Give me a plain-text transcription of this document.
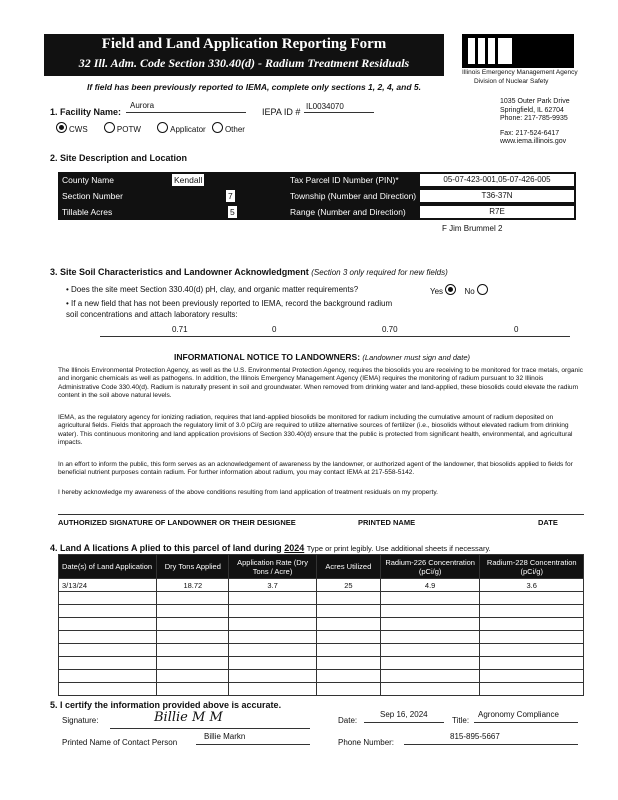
Field and Land Application Reporting Form
32 Ill. Adm. Code Section 330.40(d) - Radium Treatment Residuals
Illinois Emergency Management Agency
Division of Nuclear Safety
1035 Outer Park Drive
Springfield, IL 62704
Phone: 217-785-9935
Fax: 217-524-6417
www.iema.illinois.gov
If field has been previously reported to IEMA, complete only sections 1, 2, 4, and 5.
1. Facility Name:
Aurora
IEPA ID #
IL0034070
CWS	POTW	Applicator Other
2. Site Description and Location
County Name	Kendall	Tax Parcel ID Number (PIN)*	05-07-423-001,05-07-426-005
Section Number	7	Township (Number and Direction)	T36-37N
Tillable Acres	5	Range (Number and Direction)	R7E
F Jim Brummel 2
3. Site Soil Characteristics and Landowner Acknowledgment (Section 3 only required for new fields)
• Does the site meet Section 330.40(d) pH, clay, and organic matter requirements?	Yes	No
• If a new field that has not been previously reported to IEMA, record the background radium soil concentrations and attach laboratory results:
0.71	0	0.70	0
INFORMATIONAL NOTICE TO LANDOWNERS: (Landowner must sign and date)
The Illinois Environmental Protection Agency, as well as the U.S. Environmental Protection Agency, requires the biosolids you are receiving to be monitored for trace metals, organic and inorganic chemicals as well as pathogens. In addition, the Illinois Emergency Management Agency (IEMA) requires the monitoring of radium pursuant to 32 Illinois Administrative Code 330.40(d). Radium is naturally present in soil and groundwater. When removed from drinking water and land-applied, these biosolids could elevate the radium content in the soil above natural levels.
IEMA, as the regulatory agency for ionizing radiation, requires that land-applied biosolids be monitored for radium including the cumulative amount of radium deposited on agricultural fields. Fields that approach the regulatory limit of 3.0 pCi/g are required to utilize alternative sources of fertilizer (i.e., biosolids without elevated radium from drinking water). This continuous monitoring and land application provisions of Section 330.40(d) ensure that the public is protected from significant health, environmental, and agricultural impacts.
In an effort to inform the public, this form serves as an acknowledgement of awareness by the landowner, or authorized agent of the landowner, that biosolids applied to fields for beneficial nutrient purposes contain radium. For further information about radium, you may contact IEMA at 217-558-5142.
I hereby acknowledge my awareness of the above conditions resulting from land application of treatment residuals on my property.
AUTHORIZED SIGNATURE OF LANDOWNER OR THEIR DESIGNEE	PRINTED NAME	DATE
4. Land A lications A plied to this parcel of land during 2024 Type or print legibly. Use additional sheets if necessary.
Date(s) of Land Application	Dry Tons Applied	Application Rate (Dry Tons / Acre)	Acres Utilized	Radium-226 Concentration (pCi/g)	Radium-228 Concentration (pCi/g)
3/13/24	18.72	3.7	25	4.9	3.6

5. I certify the information provided above is accurate.
Signature:	Billie M M	Date:
Sep 16, 2024
Title:
Agronomy Compliance
Printed Name of Contact Person
Billie Markn
Phone Number:
815-895-5667
